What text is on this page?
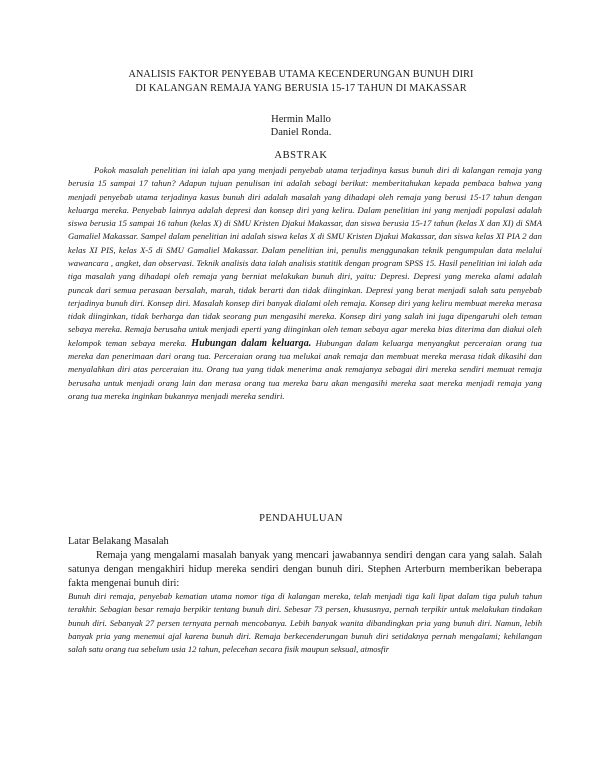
ANALISIS FAKTOR PENYEBAB UTAMA KECENDERUNGAN BUNUH DIRI
DI KALANGAN REMAJA YANG BERUSIA 15-17 TAHUN DI MAKASSAR
Hermin Mallo
Daniel Ronda.
ABSTRAK
Pokok masalah penelitian ini ialah apa yang menjadi penyebab utama terjadinya kasus bunuh diri di kalangan remaja yang berusia 15 sampai 17 tahun? Adapun tujuan penulisan ini adalah sebagi berikut: memberitahukan kepada pembaca bahwa yang menjadi penyebab utama terjadinya kasus bunuh diri adalah masalah yang dihadapi oleh remaja yang berusi 15-17 tahun dengan keluarga mereka. Penyebab lainnya adalah depresi dan konsep diri yang keliru. Dalam penelitian ini yang menjadi populasi adalah siswa berusia 15 sampai 16 tahun (kelas X) di SMU Kristen Djakui Makassar, dan siswa berusia 15-17 tahun (kelas X dan XI) di SMA Gamaliel Makassar. Sampel dalam penelitian ini adalah siswa kelas X di SMU Kristen Djakui Makassar, dan siswa kelas XI PIA 2 dan kelas XI PIS, kelas X-5 di SMU Gamaliel Makassar. Dalam penelitian ini, penulis menggunakan teknik pengumpulan data melalui wawancara , angket, dan observasi. Teknik analisis data ialah analisis statitik dengan program SPSS 15. Hasil penelitian ini ialah ada tiga masalah yang dihadapi oleh remaja yang berniat melakukan bunuh diri, yaitu: Depresi. Depresi yang mereka alami adalah puncak dari semua perasaan bersalah, marah, tidak berarti dan tidak diinginkan. Depresi yang berat menjadi salah satu penyebab terjadinya bunuh diri. Konsep diri. Masalah konsep diri banyak dialami oleh remaja. Konsep diri yang keliru membuat mereka merasa tidak diinginkan, tidak berharga dan tidak seorang pun mengasihi mereka. Konsep diri yang salah ini juga dipengaruhi oleh teman sebaya mereka. Remaja berusaha untuk menjadi eperti yang diinginkan oleh teman sebaya agar mereka bias diterima dan diakui oleh kelompok teman sebaya mereka. Hubungan dalam keluarga. Hubungan dalam keluarga menyangkut perceraian orang tua mereka dan penerimaan dari orang tua. Perceraian orang tua melukai anak remaja dan membuat mereka merasa tidak dikasihi dan menyalahkan diri atas perceraian itu. Orang tua yang tidak menerima anak remajanya sebagai diri mereka sendiri memuat remaja berusaha untuk menjadi orang lain dan merasa orang tua mereka baru akan mengasihi mereka saat mereka menjadi remaja yang orang tua mereka inginkan bukannya menjadi mereka sendiri.
PENDAHULUAN
Latar Belakang Masalah
Remaja yang mengalami masalah banyak yang mencari jawabannya sendiri dengan cara yang salah. Salah satunya dengan mengakhiri hidup mereka sendiri dengan bunuh diri. Stephen Arterburn memberikan beberapa fakta mengenai bunuh diri:
Bunuh diri remaja, penyebab kematian utama nomor tiga di kalangan mereka, telah menjadi tiga kali lipat dalam tiga puluh tahun terakhir. Sebagian besar remaja berpikir tentang bunuh diri. Sebesar 73 persen, khususnya, pernah terpikir untuk melakukan tindakan bunuh diri. Sebanyak 27 persen ternyata pernah mencobanya. Lebih banyak wanita dibandingkan pria yang bunuh diri. Namun, lebih banyak pria yang menemui ajal karena bunuh diri. Remaja berkecenderungan bunuh diri setidaknya pernah mengalami; kehilangan salah satu orang tua sebelum usia 12 tahun, pelecehan secara fisik maupun seksual, atmosfir
